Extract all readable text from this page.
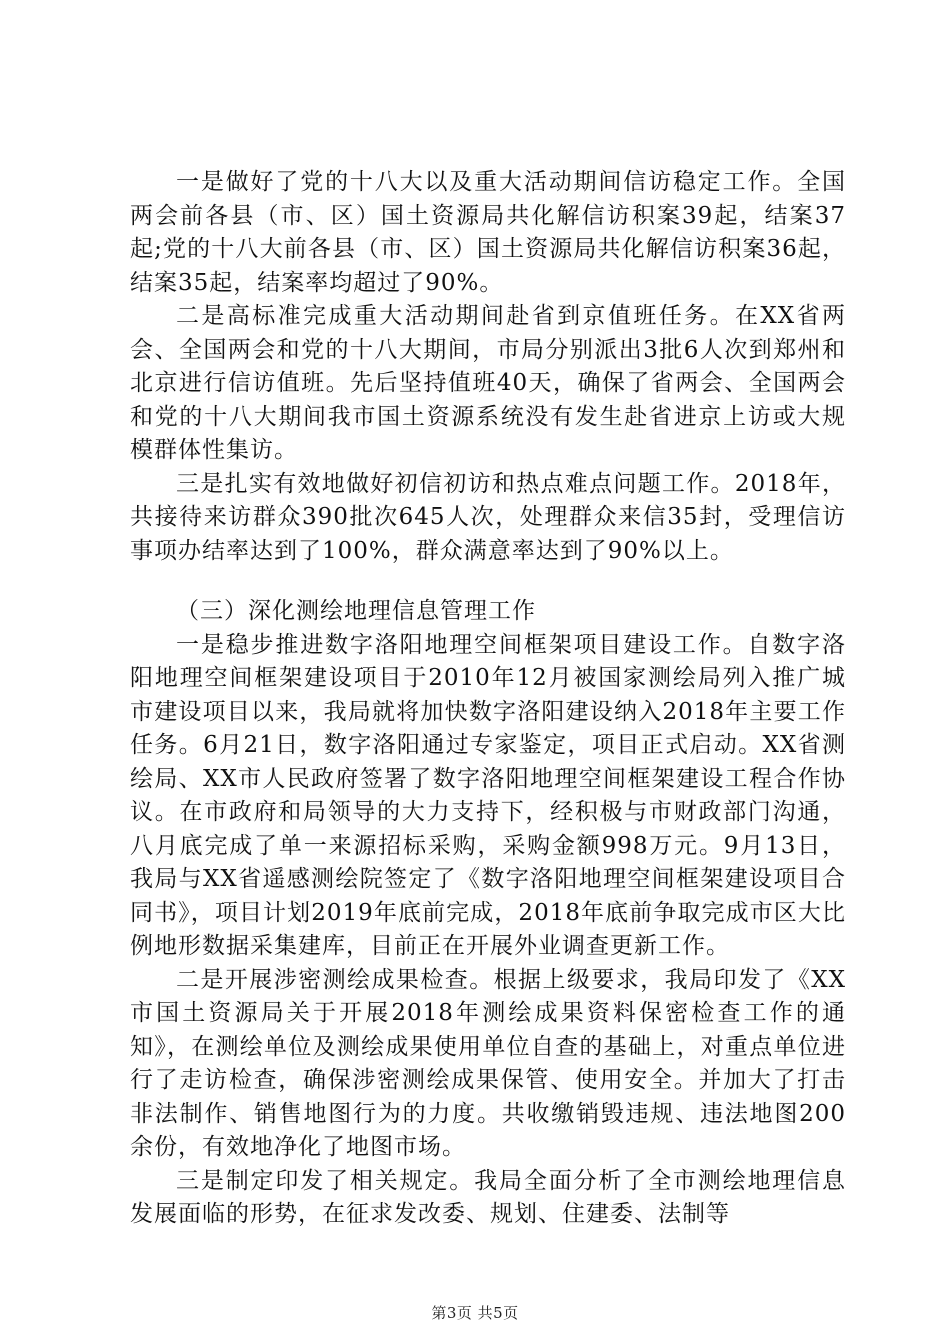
一是做好了党的十八大以及重大活动期间信访稳定工作。全国两会前各县（市、区）国土资源局共化解信访积案39起，结案37起;党的十八大前各县（市、区）国土资源局共化解信访积案36起，结案35起，结案率均超过了90%。

二是高标准完成重大活动期间赴省到京值班任务。在XX省两会、全国两会和党的十八大期间，市局分别派出3批6人次到郑州和北京进行信访值班。先后坚持值班40天，确保了省两会、全国两会和党的十八大期间我市国土资源系统没有发生赴省进京上访或大规模群体性集访。

三是扎实有效地做好初信初访和热点难点问题工作。2018年，共接待来访群众390批次645人次，处理群众来信35封，受理信访事项办结率达到了100%，群众满意率达到了90%以上。

（三）深化测绘地理信息管理工作

一是稳步推进数字洛阳地理空间框架项目建设工作。自数字洛阳地理空间框架建设项目于2010年12月被国家测绘局列入推广城市建设项目以来，我局就将加快数字洛阳建设纳入2018年主要工作任务。6月21日，数字洛阳通过专家鉴定，项目正式启动。XX省测绘局、XX市人民政府签署了数字洛阳地理空间框架建设工程合作协议。在市政府和局领导的大力支持下，经积极与市财政部门沟通，八月底完成了单一来源招标采购，采购金额998万元。9月13日，我局与XX省遥感测绘院签定了《数字洛阳地理空间框架建设项目合同书》，项目计划2019年底前完成，2018年底前争取完成市区大比例地形数据采集建库，目前正在开展外业调查更新工作。

二是开展涉密测绘成果检查。根据上级要求，我局印发了《XX市国土资源局关于开展2018年测绘成果资料保密检查工作的通知》，在测绘单位及测绘成果使用单位自查的基础上，对重点单位进行了走访检查，确保涉密测绘成果保管、使用安全。并加大了打击非法制作、销售地图行为的力度。共收缴销毁违规、违法地图200余份，有效地净化了地图市场。

三是制定印发了相关规定。我局全面分析了全市测绘地理信息发展面临的形势，在征求发改委、规划、住建委、法制等

第3页 共5页
